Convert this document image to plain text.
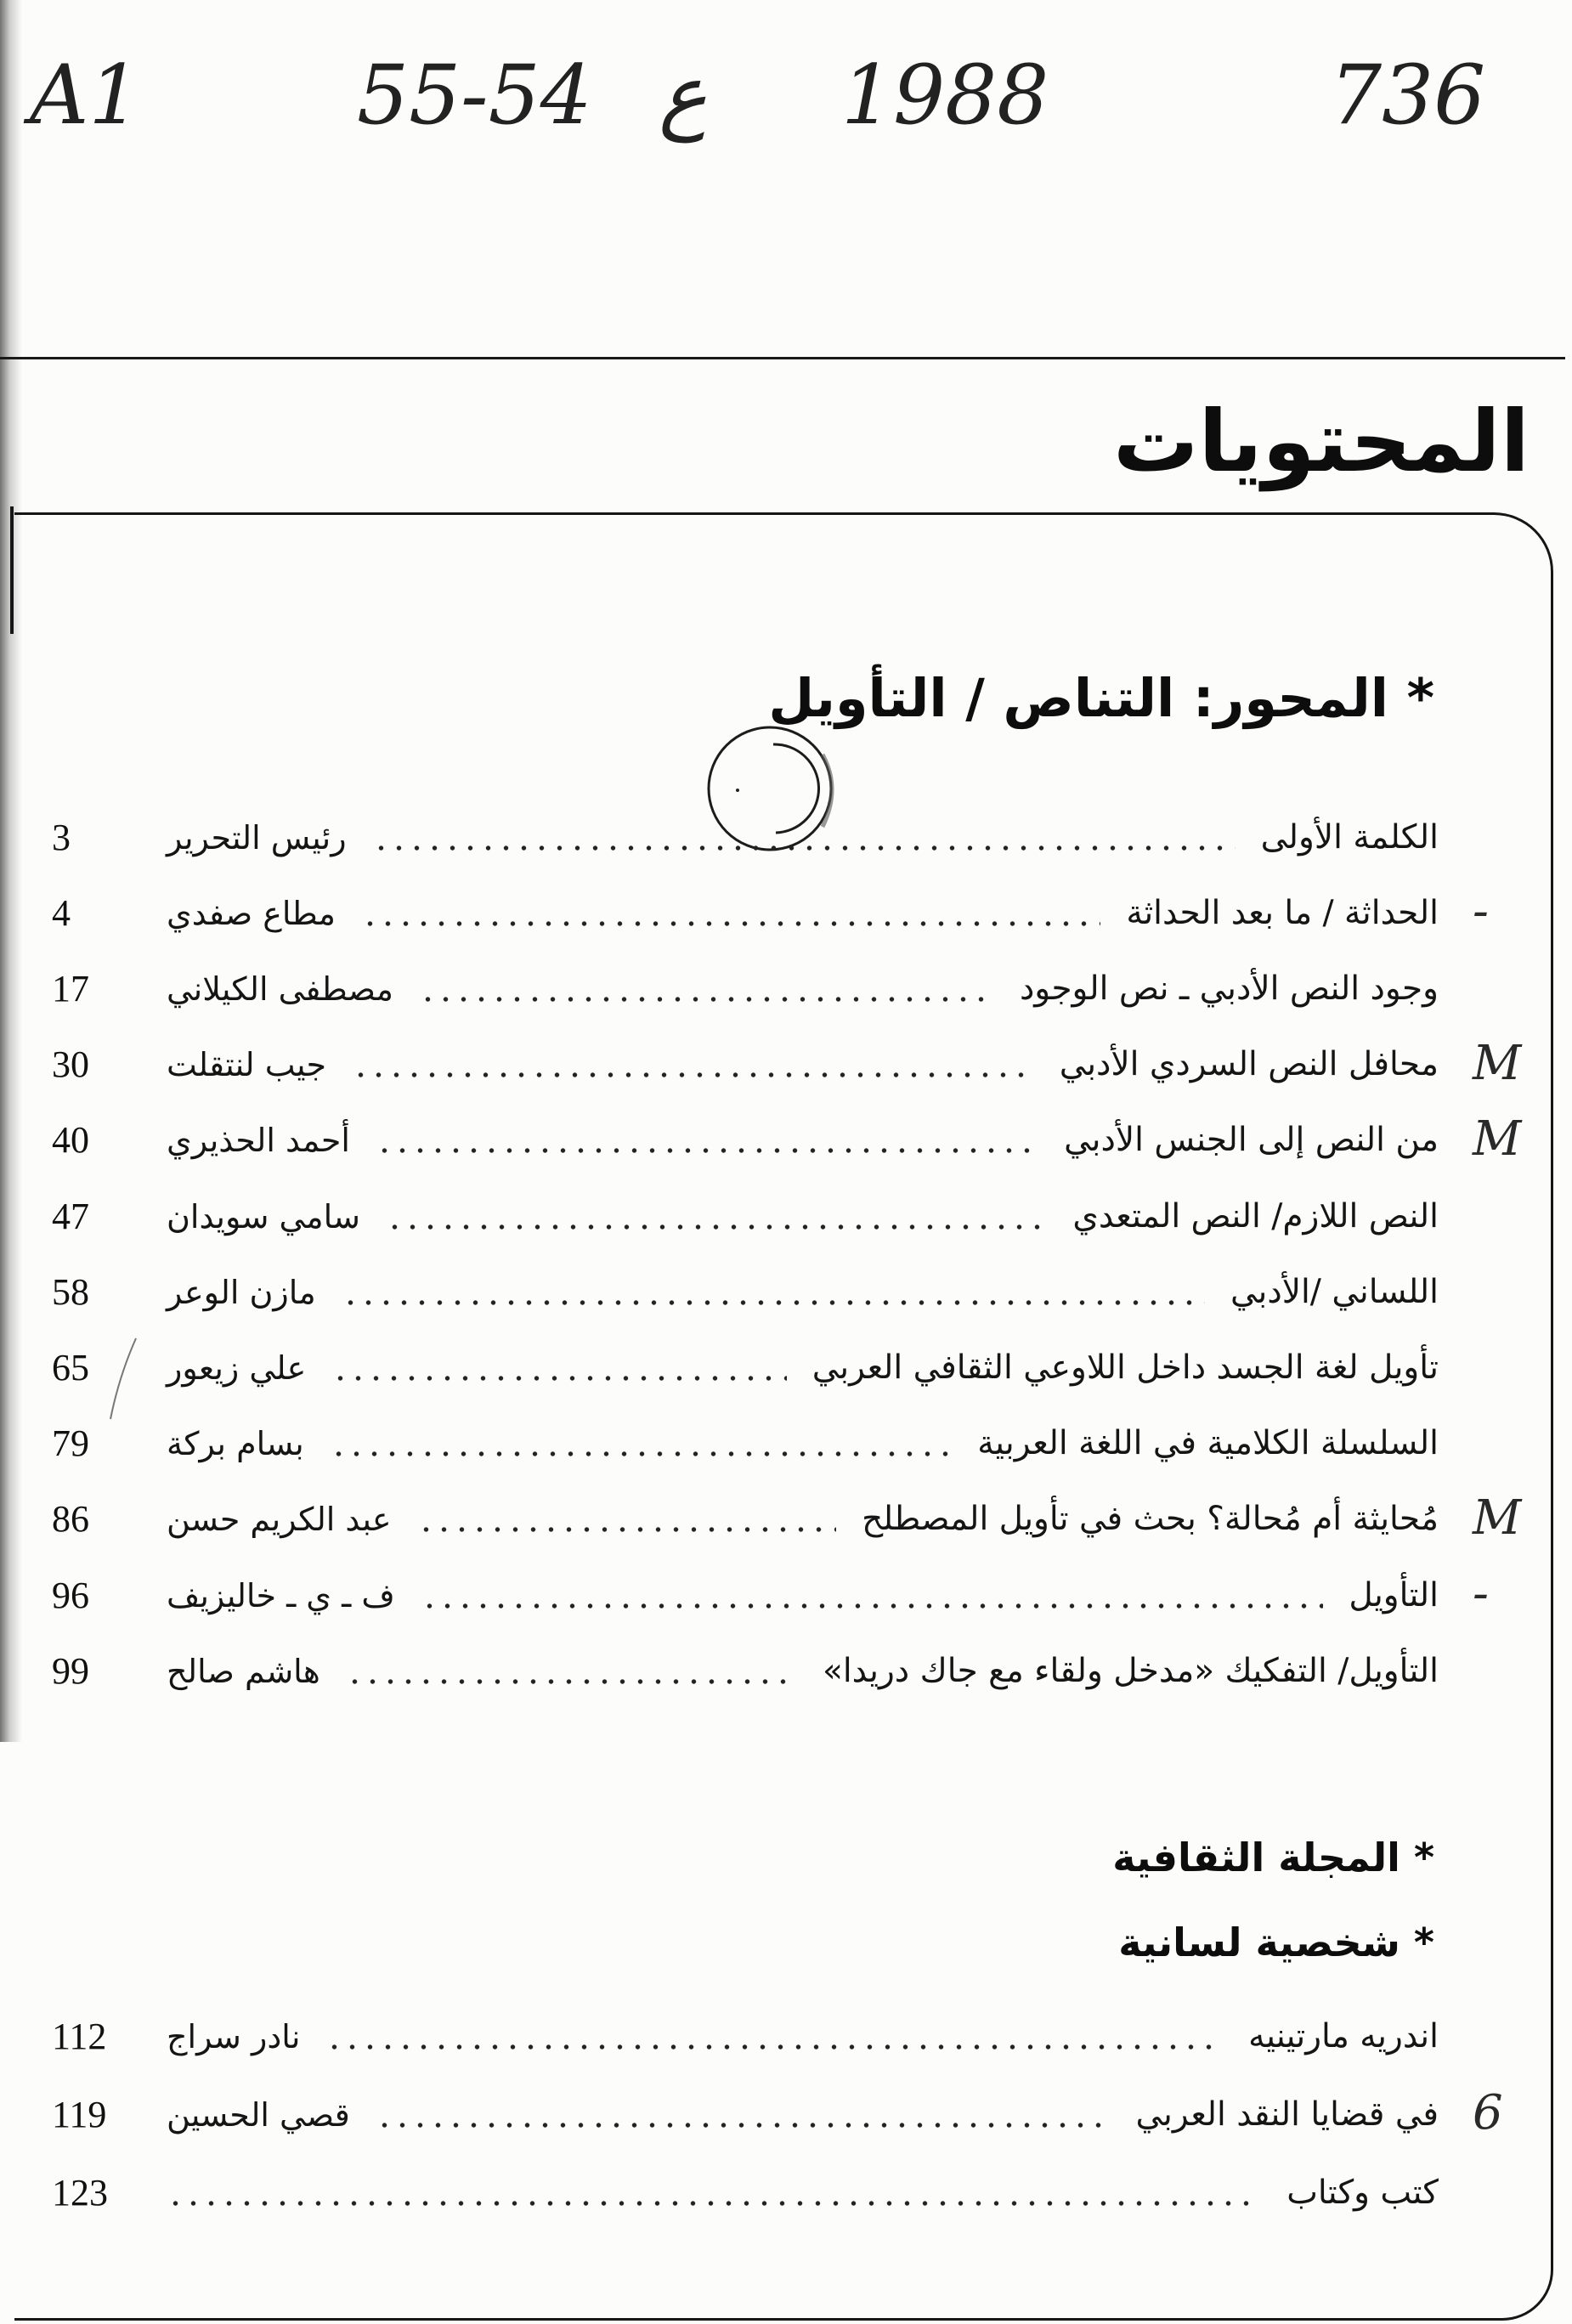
A1	55-54 ع 1988	736
المحتويات
* المحور: التناص / التأويل
3	رئيس التحرير	الكلمة الأولى
4	مطاع صفدي	الحداثة / ما بعد الحداثة -
17	مصطفى الكيلاني	وجود النص الأدبي ـ نص الوجود
30	جيب لنتقلت	محافل النص السردي الأدبي M
40	أحمد الحذيري	من النص إلى الجنس الأدبي M
47	سامي سويدان	النص اللازم/ النص المتعدي
58	مازن الوعر	اللساني /الأدبي
65	علي زيعور	تأويل لغة الجسد داخل اللاوعي الثقافي العربي
79	بسام بركة	السلسلة الكلامية في اللغة العربية
86	عبد الكريم حسن	مُحايثة أم مُحالة؟ بحث في تأويل المصطلح M
96	ف ـ ي ـ خاليزيف	التأويل -
99	هاشم صالح	التأويل/ التفكيك «مدخل ولقاء مع جاك دريدا»
* المجلة الثقافية
* شخصية لسانية
112	نادر سراج	اندريه مارتينيه
119	قصي الحسين	في قضايا النقد العربي 6
123	كتب وكتاب
